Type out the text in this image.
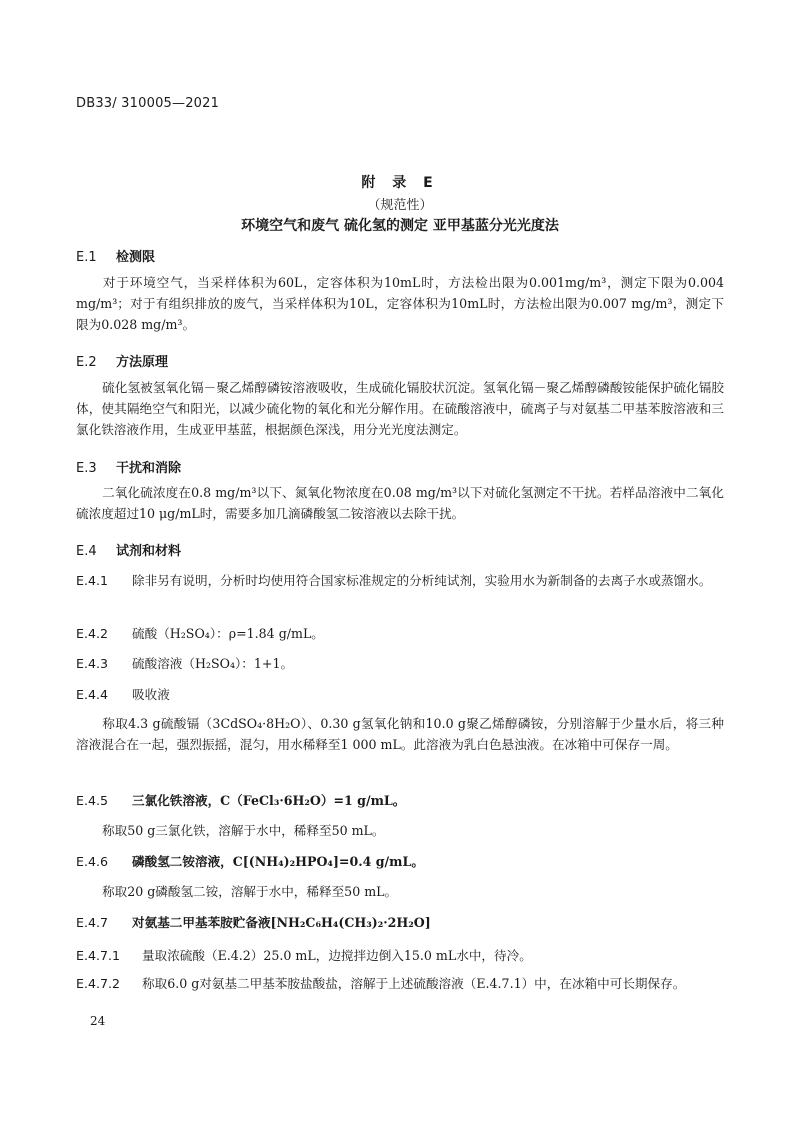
DB33/ 310005—2021
附 录 E
（规范性）
环境空气和废气 硫化氢的测定 亚甲基蓝分光光度法
E.1 检测限
对于环境空气，当采样体积为60L，定容体积为10mL时，方法检出限为0.001mg/m³，测定下限为0.004 mg/m³；对于有组织排放的废气，当采样体积为10L，定容体积为10mL时，方法检出限为0.007 mg/m³，测定下限为0.028 mg/m³。
E.2 方法原理
硫化氢被氢氧化镉－聚乙烯醇磷铵溶液吸收，生成硫化镉胶状沉淀。氢氧化镉－聚乙烯醇磷酸铵能保护硫化镉胶体，使其隔绝空气和阳光，以减少硫化物的氧化和光分解作用。在硫酸溶液中，硫离子与对氨基二甲基苯胺溶液和三氯化铁溶液作用，生成亚甲基蓝，根据颜色深浅，用分光光度法测定。
E.3 干扰和消除
二氧化硫浓度在0.8 mg/m³以下、氮氧化物浓度在0.08 mg/m³以下对硫化氢测定不干扰。若样品溶液中二氧化硫浓度超过10 μg/mL时，需要多加几滴磷酸氢二铵溶液以去除干扰。
E.4 试剂和材料
E.4.1 除非另有说明，分析时均使用符合国家标准规定的分析纯试剂，实验用水为新制备的去离子水或蒸馏水。
E.4.2 硫酸（H₂SO₄）：ρ=1.84 g/mL。
E.4.3 硫酸溶液（H₂SO₄）：1+1。
E.4.4 吸收液
称取4.3 g硫酸镉（3CdSO₄·8H₂O）、0.30 g氢氧化钠和10.0 g聚乙烯醇磷铵，分别溶解于少量水后，将三种溶液混合在一起，强烈振摇，混匀，用水稀释至1 000 mL。此溶液为乳白色悬浊液。在冰箱中可保存一周。
E.4.5 三氯化铁溶液，C（FeCl₃·6H₂O）=1 g/mL。
称取50 g三氯化铁，溶解于水中，稀释至50 mL。
E.4.6 磷酸氢二铵溶液，C[(NH₄)₂HPO₄]=0.4 g/mL。
称取20 g磷酸氢二铵，溶解于水中，稀释至50 mL。
E.4.7 对氨基二甲基苯胺贮备液[NH₂C₆H₄(CH₃)₂·2H₂O]
E.4.7.1 量取浓硫酸（E.4.2）25.0 mL，边搅拌边倒入15.0 mL水中，待冷。
E.4.7.2 称取6.0 g对氨基二甲基苯胺盐酸盐，溶解于上述硫酸溶液（E.4.7.1）中，在冰箱中可长期保存。
24
